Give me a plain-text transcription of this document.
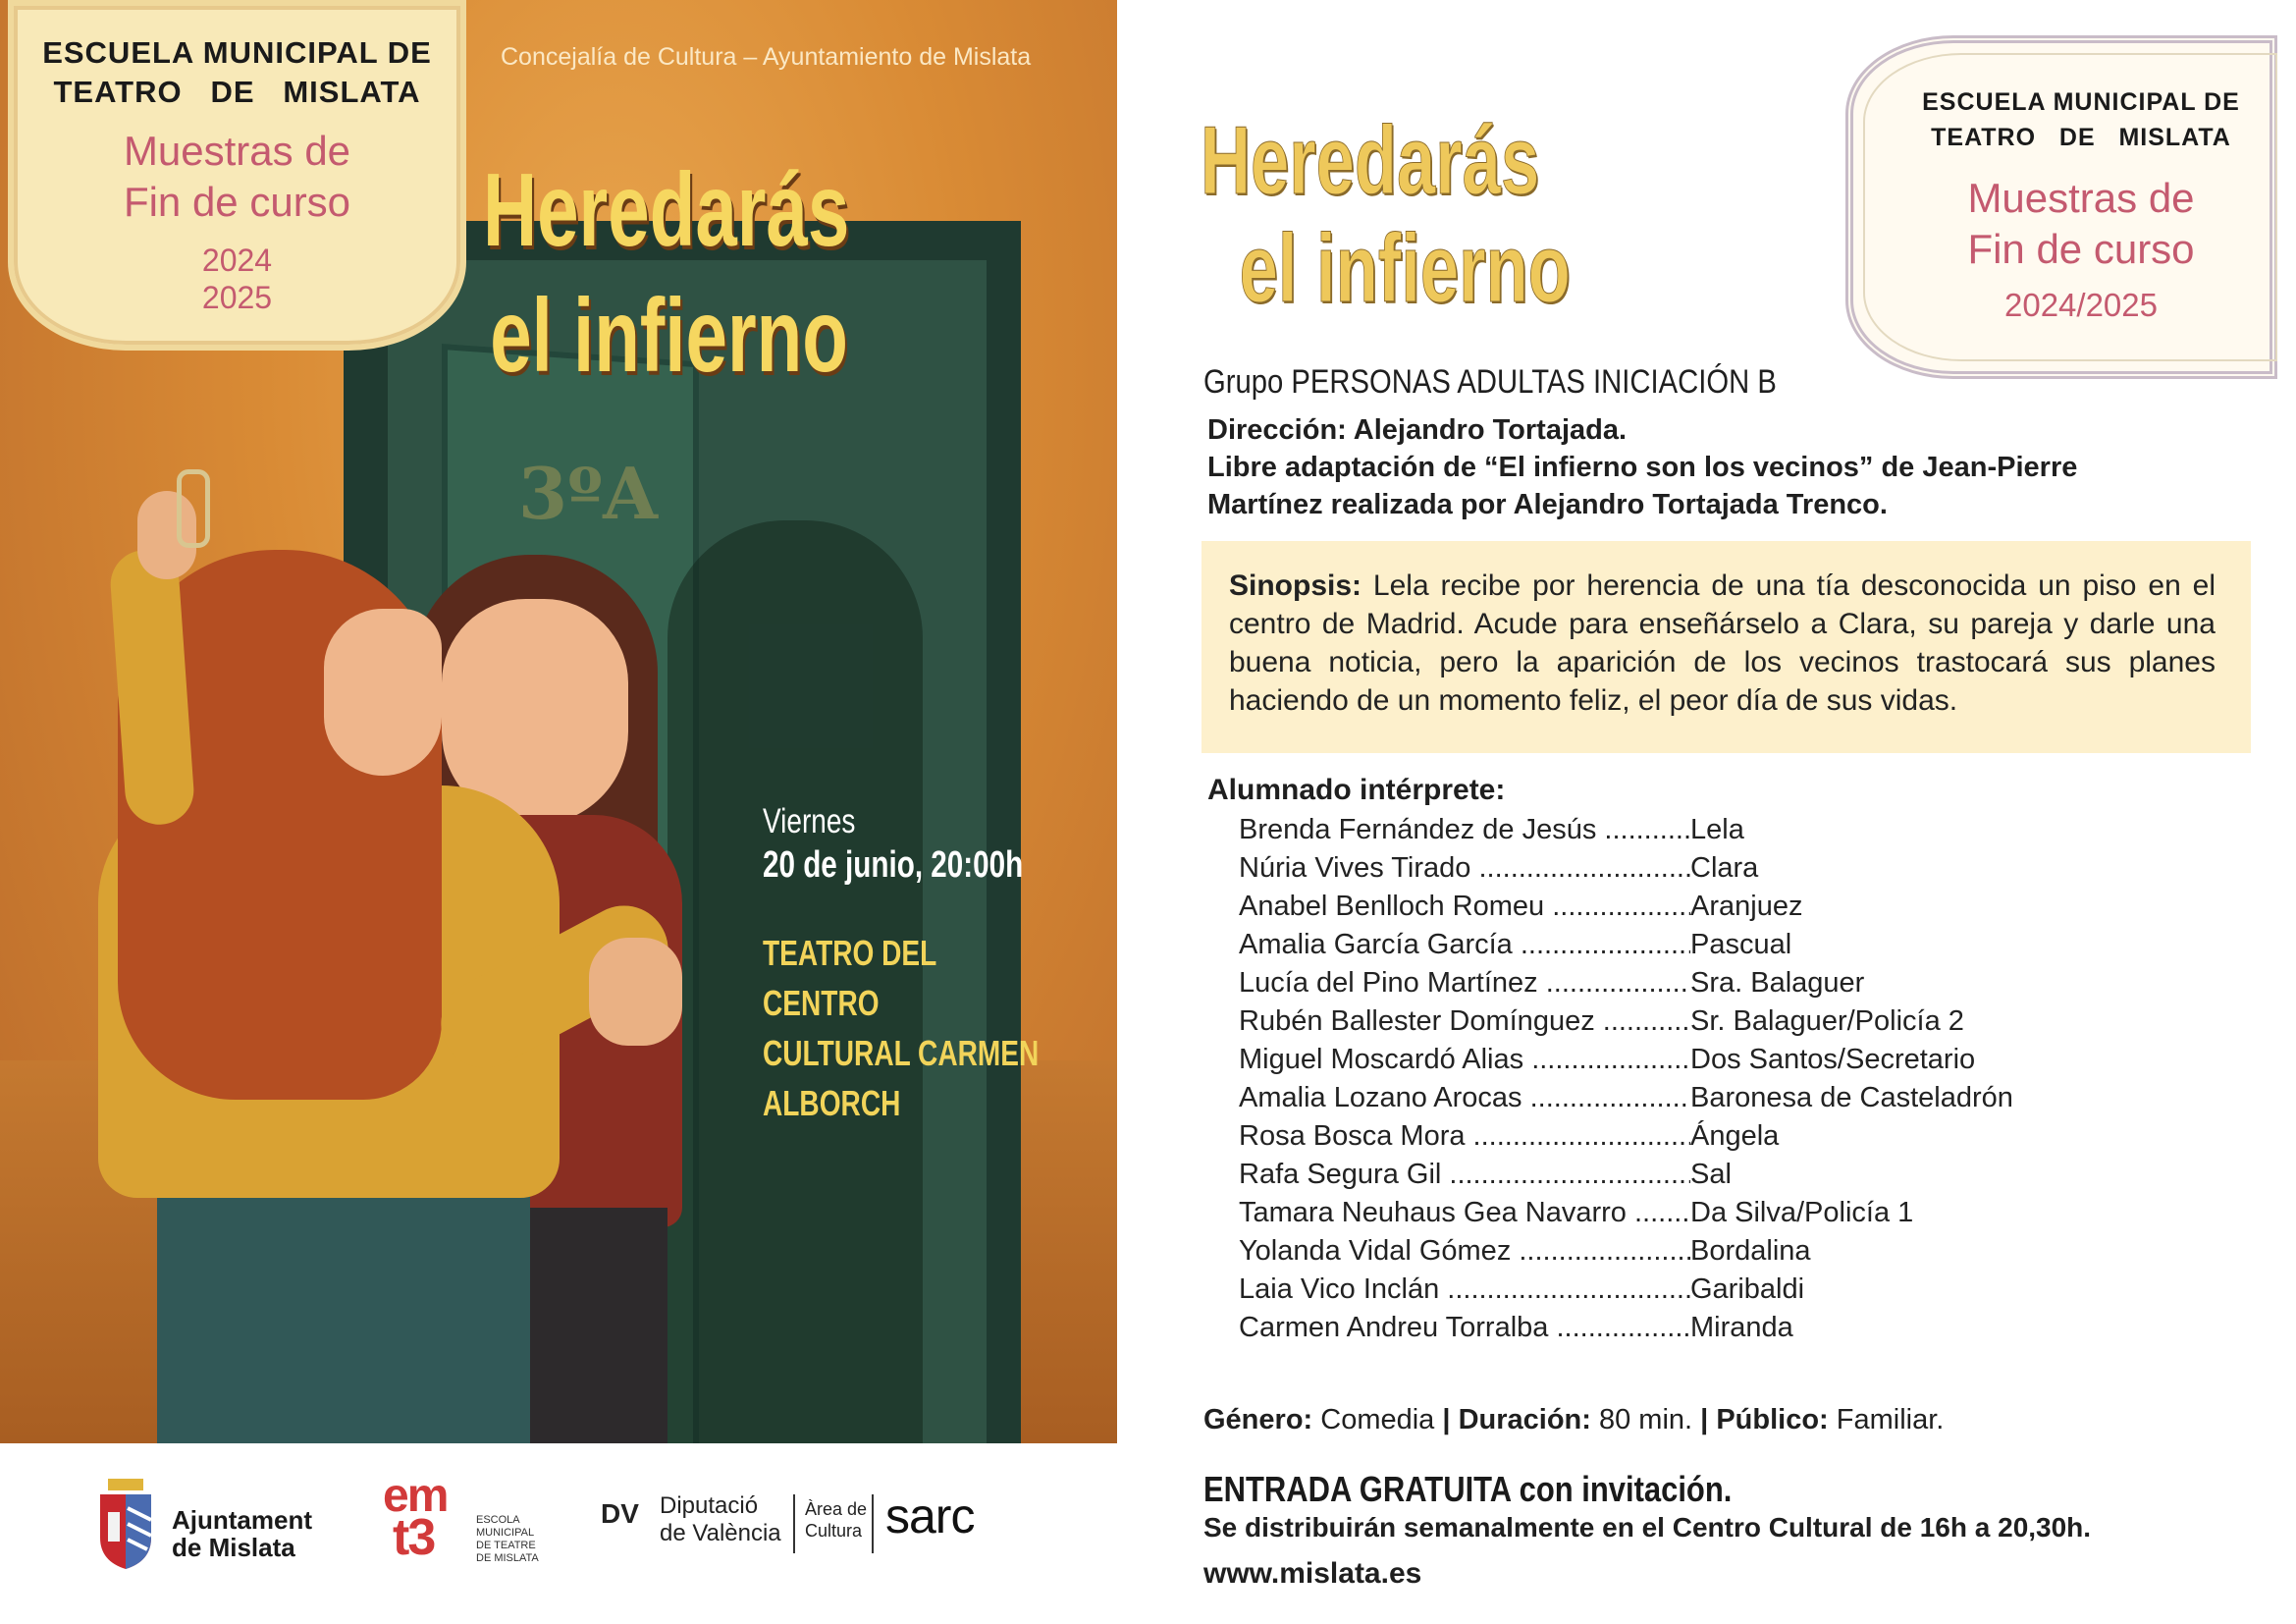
3ºA
ESCUELA MUNICIPAL DE
TEATRO   DE   MISLATA
Muestras de
Fin de curso
2024
2025
Concejalía de Cultura – Ayuntamiento de Mislata
Heredarás
el infierno
Viernes
20 de junio, 20:00h
TEATRO DEL CENTRO
CULTURAL CARMEN
ALBORCH
Ajuntament
de Mislata
em
t3	ESCOLA
MUNICIPAL
DE TEATRE
DE MISLATA
DV Diputació
de València
Àrea de
Cultura sarc
Heredarás
el infierno
ESCUELA MUNICIPAL DE
TEATRO   DE   MISLATA
Muestras de
Fin de curso
2024/2025
Grupo PERSONAS ADULTAS INICIACIÓN B
Dirección: Alejandro Tortajada.
Libre adaptación de “El infierno son los vecinos” de Jean-Pierre
Martínez realizada por Alejandro Tortajada Trenco.
Sinopsis: Lela recibe por herencia de una tía desconocida un piso en el centro de Madrid. Acude para enseñárselo a Clara, su pareja y darle una buena noticia, pero la aparición de los vecinos trastocará sus planes haciendo de un momento feliz, el peor día de sus vidas.
Alumnado intérprete:
Brenda Fernández de Jesús .....	Lela
Núria Vives Tirado .....	Clara
Anabel Benlloch Romeu .....	Aranjuez
Amalia García García .....	Pascual
Lucía del Pino Martínez .....	Sra. Balaguer
Rubén Ballester Domínguez .....	Sr. Balaguer/Policía 2
Miguel Moscardó Alias .....	Dos Santos/Secretario
Amalia Lozano Arocas .....	Baronesa de Casteladrón
Rosa Bosca Mora .....	Ángela
Rafa Segura Gil .....	Sal
Tamara Neuhaus Gea Navarro .....	Da Silva/Policía 1
Yolanda Vidal Gómez .....	Bordalina
Laia Vico Inclán .....	Garibaldi
Carmen Andreu Torralba .....	Miranda
Género: Comedia | Duración: 80 min. | Público: Familiar.
ENTRADA GRATUITA con invitación.
Se distribuirán semanalmente en el Centro Cultural de 16h a 20,30h.
www.mislata.es
